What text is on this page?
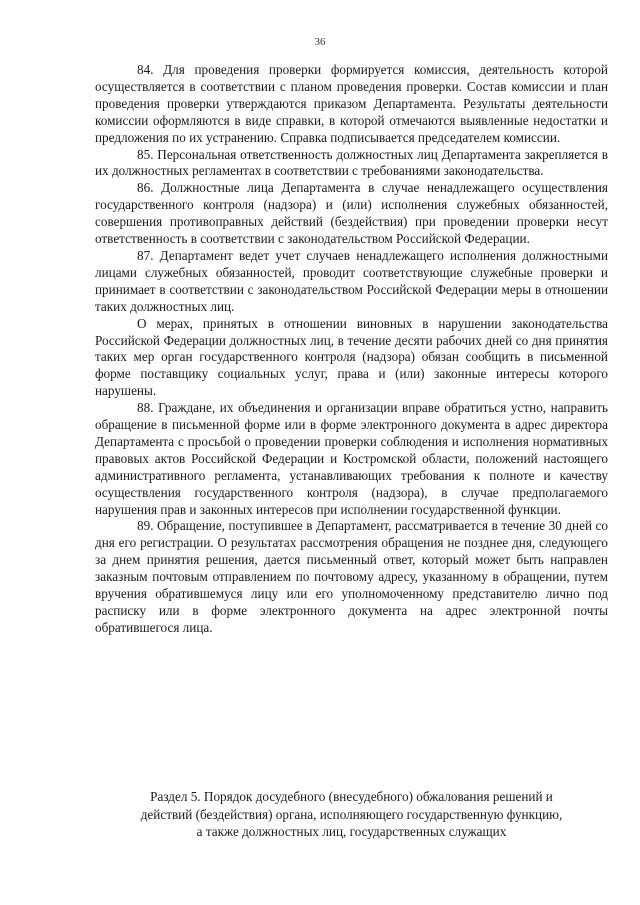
36

84. Для проведения проверки формируется комиссия, деятельность которой осуществляется в соответствии с планом проведения проверки. Состав комиссии и план проведения проверки утверждаются приказом Департамента. Результаты деятельности комиссии оформляются в виде справки, в которой отмечаются выявленные недостатки и предложения по их устранению. Справка подписывается председателем комиссии.

85. Персональная ответственность должностных лиц Департамента закрепляется в их должностных регламентах в соответствии с требованиями законодательства.

86. Должностные лица Департамента в случае ненадлежащего осуществления государственного контроля (надзора) и (или) исполнения служебных обязанностей, совершения противоправных действий (бездействия) при проведении проверки несут ответственность в соответствии с законодательством Российской Федерации.

87. Департамент ведет учет случаев ненадлежащего исполнения должностными лицами служебных обязанностей, проводит соответствующие служебные проверки и принимает в соответствии с законодательством Российской Федерации меры в отношении таких должностных лиц.

О мерах, принятых в отношении виновных в нарушении законодательства Российской Федерации должностных лиц, в течение десяти рабочих дней со дня принятия таких мер орган государственного контроля (надзора) обязан сообщить в письменной форме поставщику социальных услуг, права и (или) законные интересы которого нарушены.

88. Граждане, их объединения и организации вправе обратиться устно, направить обращение в письменной форме или в форме электронного документа в адрес директора Департамента с просьбой о проведении проверки соблюдения и исполнения нормативных правовых актов Российской Федерации и Костромской области, положений настоящего административного регламента, устанавливающих требования к полноте и качеству осуществления государственного контроля (надзора), в случае предполагаемого нарушения прав и законных интересов при исполнении государственной функции.

89. Обращение, поступившее в Департамент, рассматривается в течение 30 дней со дня его регистрации. О результатах рассмотрения обращения не позднее дня, следующего за днем принятия решения, дается письменный ответ, который может быть направлен заказным почтовым отправлением по почтовому адресу, указанному в обращении, путем вручения обратившемуся лицу или его уполномоченному представителю лично под расписку или в форме электронного документа на адрес электронной почты обратившегося лица.

Раздел 5. Порядок досудебного (внесудебного) обжалования решений и
действий (бездействия) органа, исполняющего государственную функцию,
а также должностных лиц, государственных служащих
